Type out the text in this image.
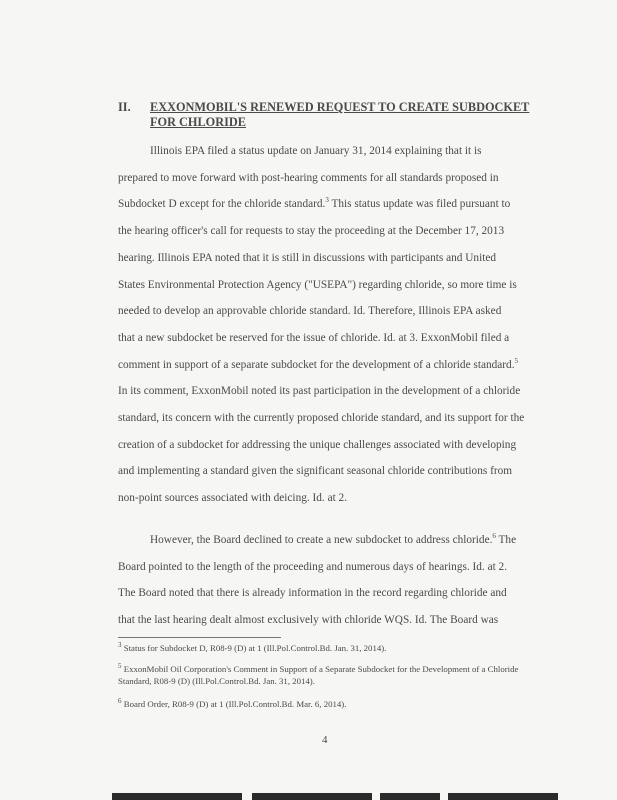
II. EXXONMOBIL'S RENEWED REQUEST TO CREATE SUBDOCKET FOR CHLORIDE

Illinois EPA filed a status update on January 31, 2014 explaining that it is
prepared to move forward with post-hearing comments for all standards proposed in
Subdocket D except for the chloride standard.$^3$ This status update was filed pursuant to
the hearing officer's call for requests to stay the proceeding at the December 17, 2013
hearing. Illinois EPA noted that it is still in discussions with participants and United
States Environmental Protection Agency ("USEPA") regarding chloride, so more time is
needed to develop an approvable chloride standard. Id. Therefore, Illinois EPA asked
that a new subdocket be reserved for the issue of chloride. Id. at 3. ExxonMobil filed a
comment in support of a separate subdocket for the development of a chloride standard.$^5$
In its comment, ExxonMobil noted its past participation in the development of a chloride
standard, its concern with the currently proposed chloride standard, and its support for the
creation of a subdocket for addressing the unique challenges associated with developing
and implementing a standard given the significant seasonal chloride contributions from
non-point sources associated with deicing. Id. at 2.

However, the Board declined to create a new subdocket to address chloride.$^6$ The
Board pointed to the length of the proceeding and numerous days of hearings. Id. at 2.
The Board noted that there is already information in the record regarding chloride and
that the last hearing dealt almost exclusively with chloride WQS. Id. The Board was

$^3$ Status for Subdocket D, R08-9 (D) at 1 (Ill.Pol.Control.Bd. Jan. 31, 2014).
$^5$ ExxonMobil Oil Corporation's Comment in Support of a Separate Subdocket for the Development of a Chloride Standard, R08-9 (D) (Ill.Pol.Control.Bd. Jan. 31, 2014).
$^6$ Board Order, R08-9 (D) at 1 (Ill.Pol.Control.Bd. Mar. 6, 2014).
4
